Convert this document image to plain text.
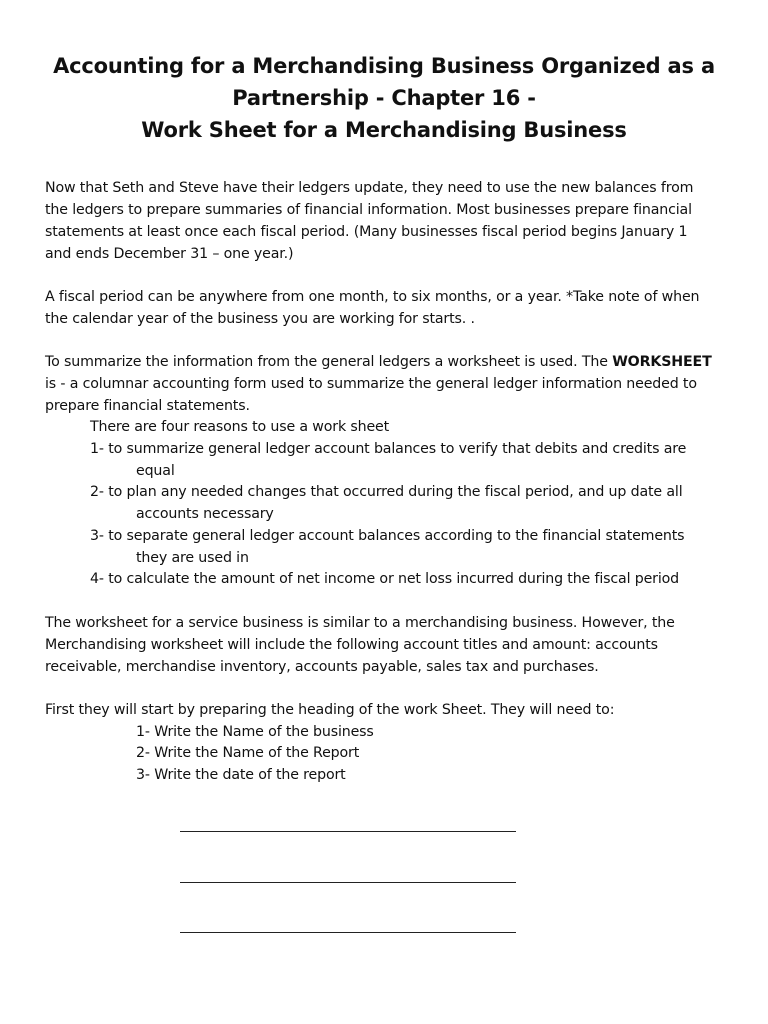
Accounting for a Merchandising Business Organized as a
Partnership - Chapter 16 -
Work Sheet for a Merchandising Business
Now that Seth and Steve have their ledgers update, they need to use the new balances from
the ledgers to prepare summaries of financial information. Most businesses prepare financial
statements at least once each fiscal period. (Many businesses fiscal period begins January 1
and ends December 31 – one year.)
A fiscal period can be anywhere from one month, to six months, or a year. *Take note of when
the calendar year of the business you are working for starts. .
To summarize the information from the general ledgers a worksheet is used. The WORKSHEET
is - a columnar accounting form used to summarize the general ledger information needed to
prepare financial statements.
There are four reasons to use a work sheet
1- to summarize general ledger account balances to verify that debits and credits are
equal
2- to plan any needed changes that occurred during the fiscal period, and up date all
accounts necessary
3- to separate general ledger account balances according to the financial statements
they are used in
4- to calculate the amount of net income or net loss incurred during the fiscal period
The worksheet for a service business is similar to a merchandising business. However, the
Merchandising worksheet will include the following account titles and amount: accounts
receivable, merchandise inventory, accounts payable, sales tax and purchases.
First they will start by preparing the heading of the work Sheet. They will need to:
1- Write the Name of the business
2- Write the Name of the Report
3- Write the date of the report
